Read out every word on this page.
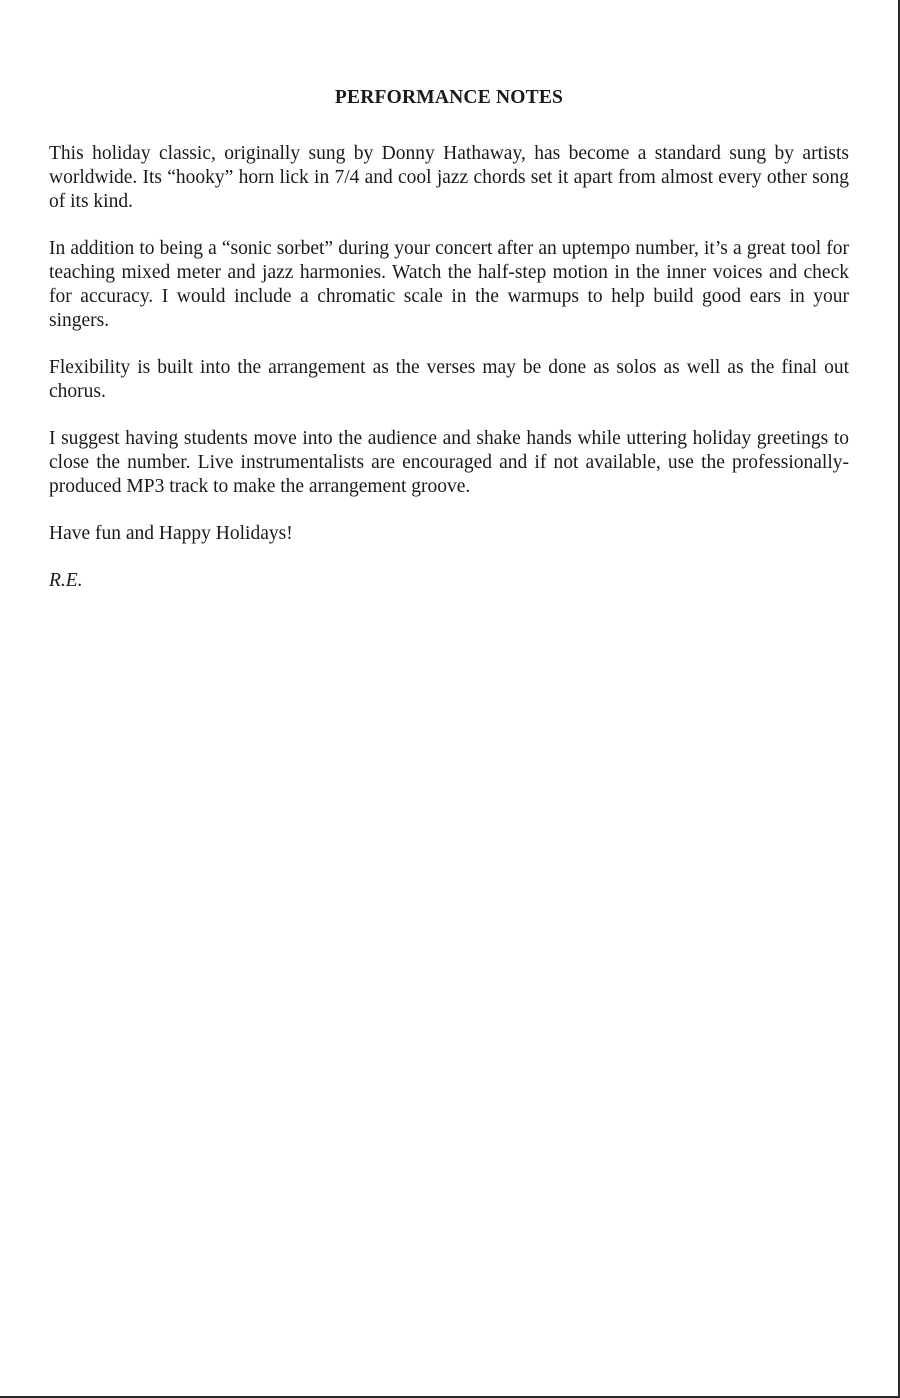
PERFORMANCE NOTES

This holiday classic, originally sung by Donny Hathaway, has become a standard sung by artists worldwide. Its “hooky” horn lick in 7/4 and cool jazz chords set it apart from almost every other song of its kind.

In addition to being a “sonic sorbet” during your concert after an uptempo number, it’s a great tool for teaching mixed meter and jazz harmonies. Watch the half-step motion in the inner voices and check for accuracy. I would include a chromatic scale in the warmups to help build good ears in your singers.

Flexibility is built into the arrangement as the verses may be done as solos as well as the final out chorus.

I suggest having students move into the audience and shake hands while uttering holiday greetings to close the number. Live instrumentalists are encouraged and if not available, use the professionally-produced MP3 track to make the arrangement groove.

Have fun and Happy Holidays!

R.E.
